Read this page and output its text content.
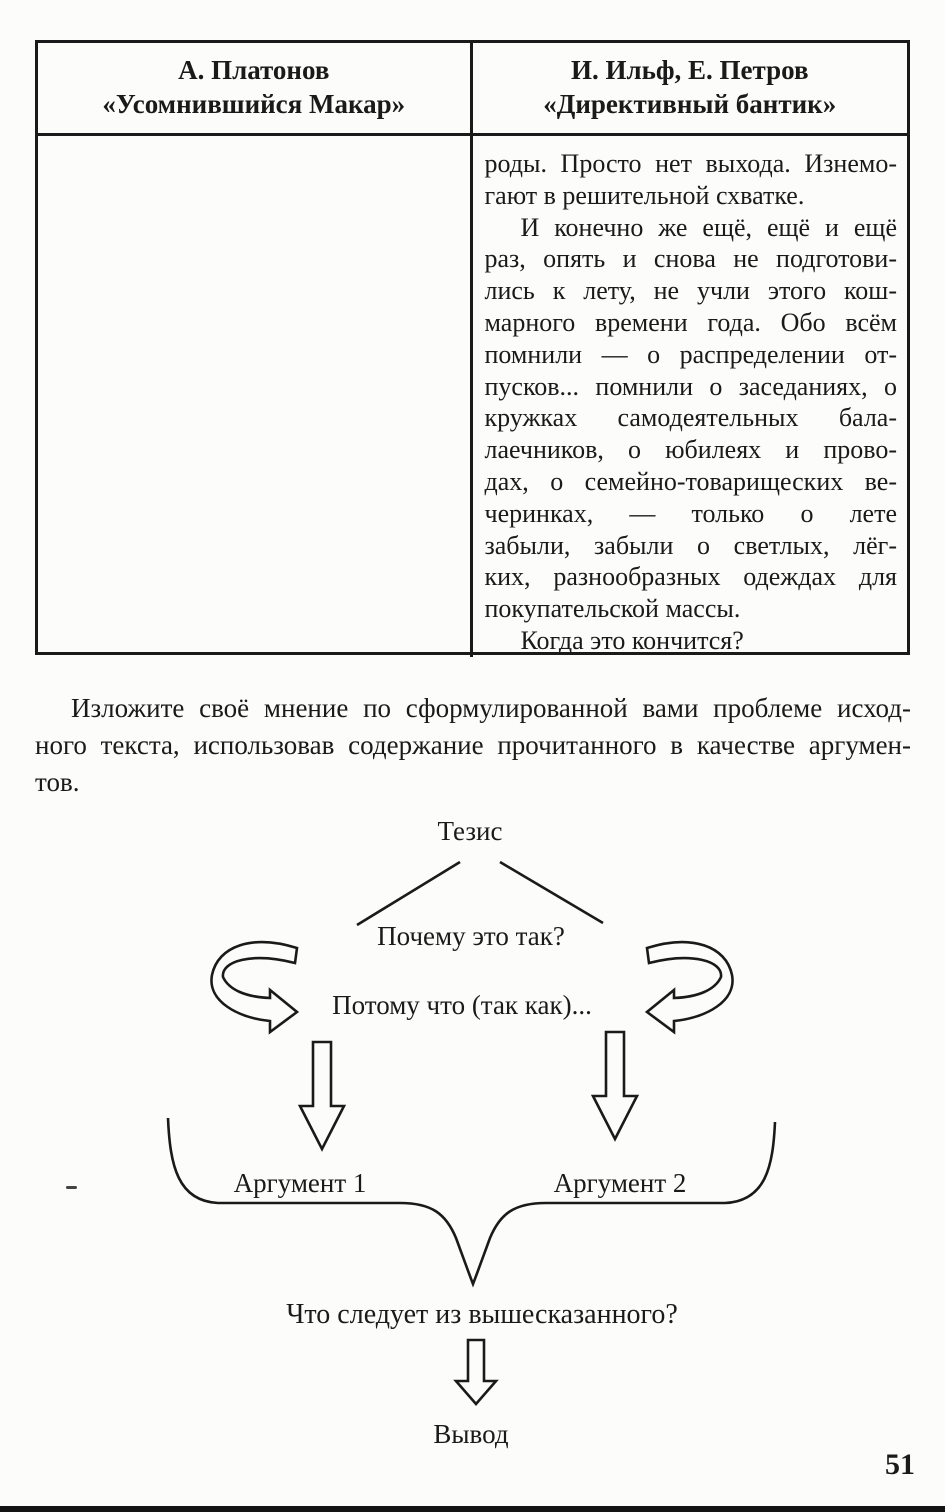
А. Платонов
«Усомнившийся Макар»
И. Ильф, Е. Петров
«Директивный бантик»
роды. Просто нет выхода. Изнемо-
гают в решительной схватке.
И конечно же ещё, ещё и ещё
раз, опять и снова не подготови-
лись к лету, не учли этого кош-
марного времени года. Обо всём
помнили — о распределении от-
пусков... помнили о заседаниях, о
кружках самодеятельных бала-
лаечников, о юбилеях и прово-
дах, о семейно-товарищеских ве-
черинках, — только о лете
забыли, забыли о светлых, лёг-
ких, разнообразных одеждах для
покупательской массы.
Когда это кончится?
Изложите своё мнение по сформулированной вами проблеме исход-
ного текста, использовав содержание прочитанного в качестве аргумен-
тов.
Тезис
Почему это так?
Потому что (так как)...
Аргумент 1	Аргумент 2
Что следует из вышесказанного?
Вывод
51
